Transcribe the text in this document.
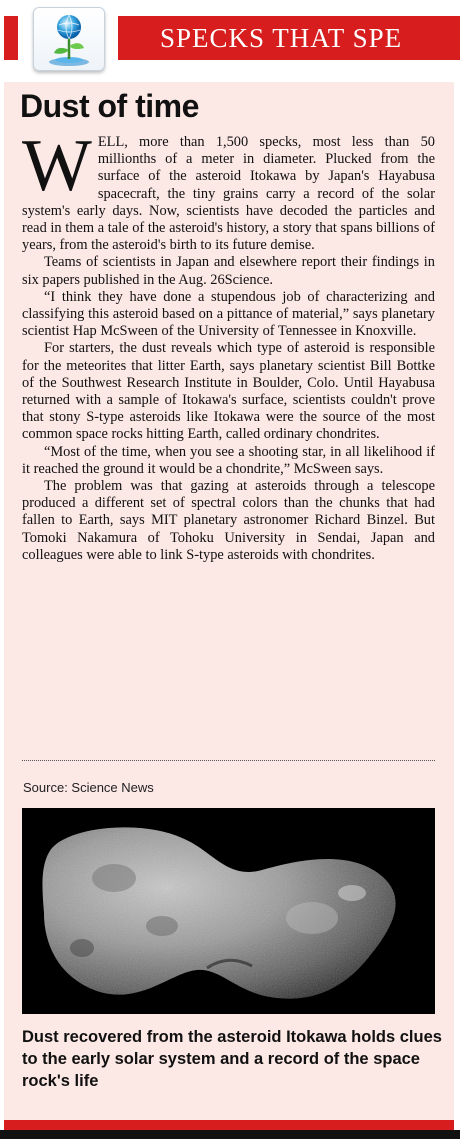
SPECKS THAT SPE
Dust of time

WELL, more than 1,500 specks, most less than 50 millionths of a meter in diameter. Plucked from the surface of the asteroid Itokawa by Japan's Hayabusa spacecraft, the tiny grains carry a record of the solar system's early days. Now, scientists have decoded the particles and read in them a tale of the asteroid's history, a story that spans billions of years, from the asteroid's birth to its future demise.

Teams of scientists in Japan and elsewhere report their findings in six papers published in the Aug. 26Science.

“I think they have done a stupendous job of characterizing and classifying this asteroid based on a pittance of material,” says planetary scientist Hap McSween of the University of Tennessee in Knoxville.

For starters, the dust reveals which type of asteroid is responsible for the meteorites that litter Earth, says planetary scientist Bill Bottke of the Southwest Research Institute in Boulder, Colo. Until Hayabusa returned with a sample of Itokawa's surface, scientists couldn't prove that stony S-type asteroids like Itokawa were the source of the most common space rocks hitting Earth, called ordinary chondrites.

“Most of the time, when you see a shooting star, in all likelihood if it reached the ground it would be a chondrite,” McSween says.

The problem was that gazing at asteroids through a telescope produced a different set of spectral colors than the chunks that had fallen to Earth, says MIT planetary astronomer Richard Binzel. But Tomoki Nakamura of Tohoku University in Sendai, Japan and colleagues were able to link S-type asteroids with chondrites.

Source: Science News

Dust recovered from the asteroid Itokawa holds clues to the early solar system and a record of the space rock's life
